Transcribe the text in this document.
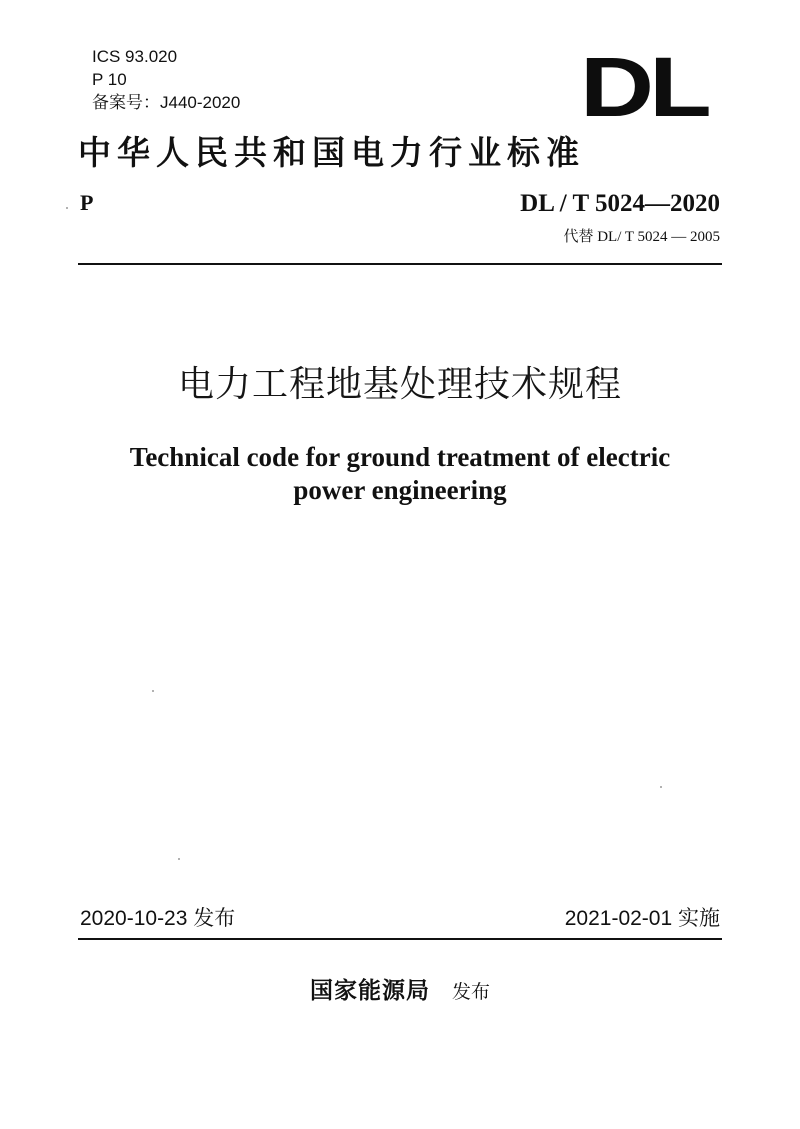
ICS 93.020
P 10
备案号：J440-2020	DL
中华人民共和国电力行业标准
P	DL / T 5024—2020
代替 DL/ T 5024 — 2005
电力工程地基处理技术规程
Technical code for ground treatment of electric
power engineering
2020-10-23 发布	2021-02-01 实施
国家能源局 发布
